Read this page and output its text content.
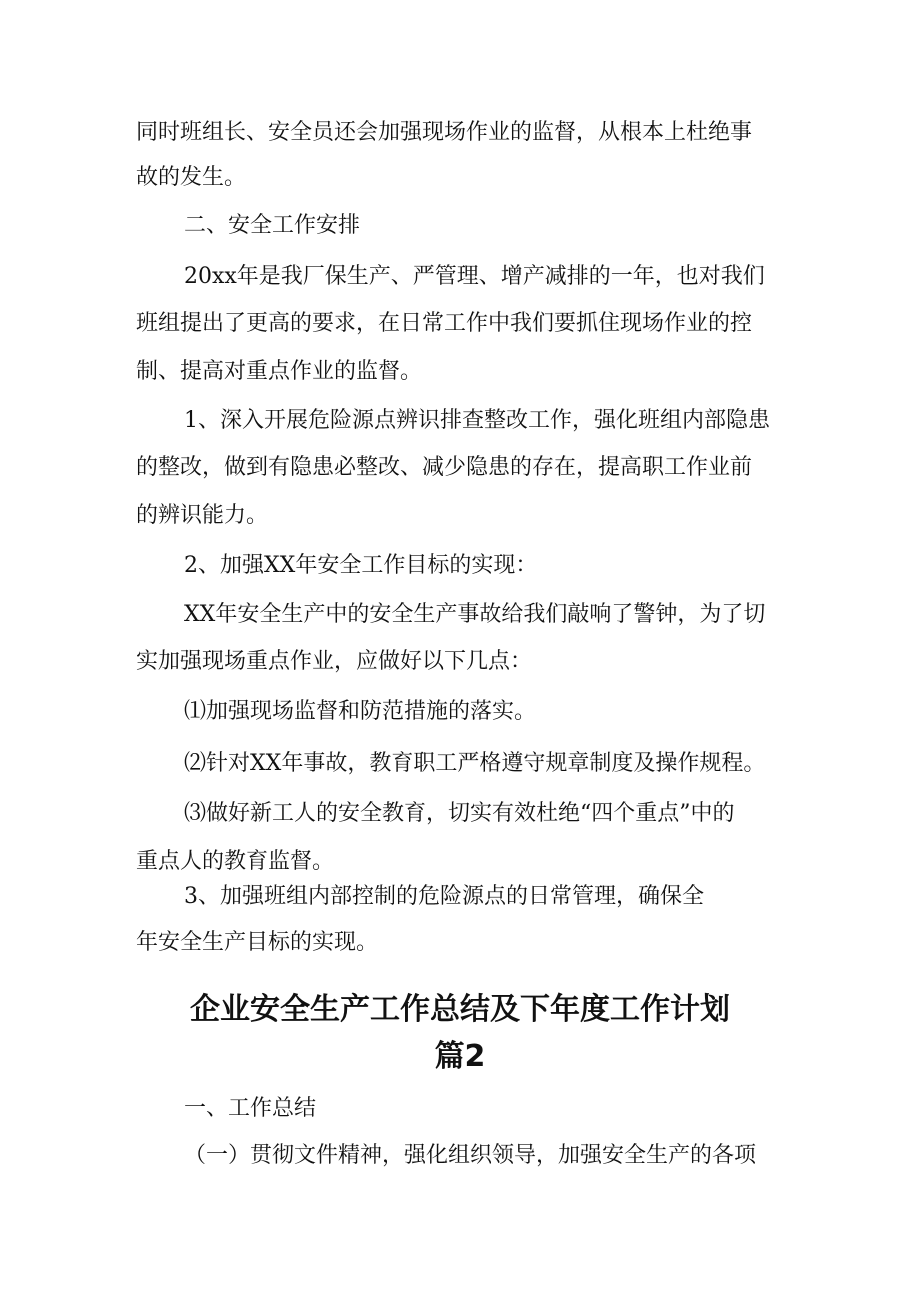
同时班组长、安全员还会加强现场作业的监督，从根本上杜绝事

故的发生。

二、安全工作安排

20xx年是我厂保生产、严管理、增产减排的一年，也对我们

班组提出了更高的要求，在日常工作中我们要抓住现场作业的控

制、提高对重点作业的监督。

1、深入开展危险源点辨识排查整改工作，强化班组内部隐患

的整改，做到有隐患必整改、减少隐患的存在，提高职工作业前

的辨识能力。

2、加强XX年安全工作目标的实现：

XX年安全生产中的安全生产事故给我们敲响了警钟，为了切

实加强现场重点作业，应做好以下几点：

⑴加强现场监督和防范措施的落实。

⑵针对XX年事故，教育职工严格遵守规章制度及操作规程。

⑶做好新工人的安全教育，切实有效杜绝“四个重点”中的

重点人的教育监督。

3、加强班组内部控制的危险源点的日常管理，确保全

年安全生产目标的实现。

企业安全生产工作总结及下年度工作计划
篇2

一、工作总结

（一）贯彻文件精神，强化组织领导，加强安全生产的各项
